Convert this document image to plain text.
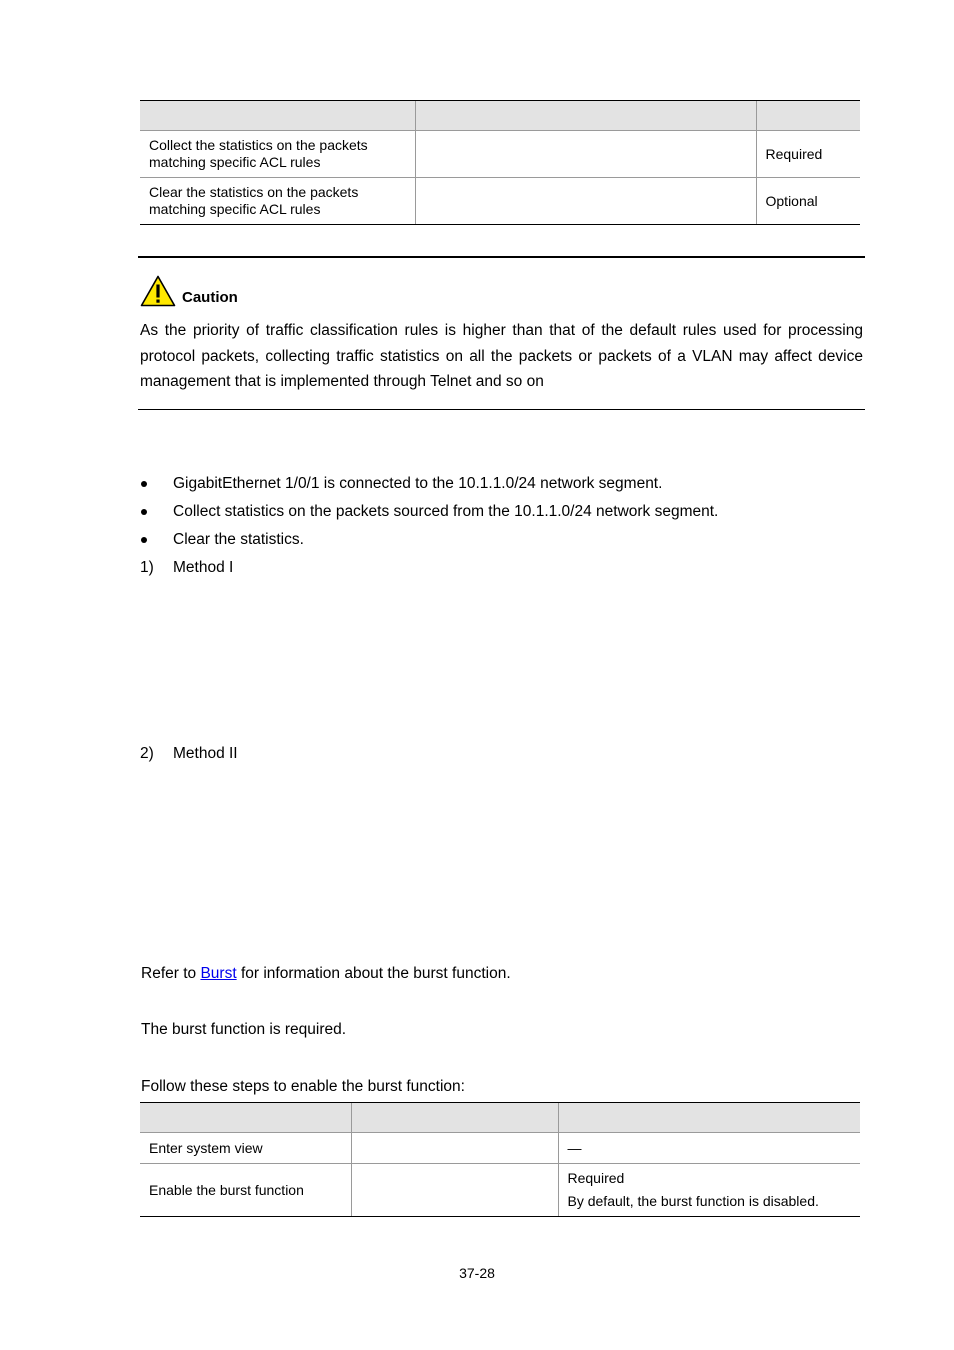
Collect the statistics on the packets matching specific ACL rules		Required
Clear the statistics on the packets matching specific ACL rules		Optional
Caution
As the priority of traffic classification rules is higher than that of the default rules used for processing protocol packets, collecting traffic statistics on all the packets or packets of a VLAN may affect device management that is implemented through Telnet and so on
GigabitEthernet 1/0/1 is connected to the 10.1.1.0/24 network segment.
Collect statistics on the packets sourced from the 10.1.1.0/24 network segment.
Clear the statistics.
1) Method I
2) Method II
Refer to Burst for information about the burst function.
The burst function is required.
Follow these steps to enable the burst function:

Enter system view		—
Enable the burst function		Required
By default, the burst function is disabled.
37-28
